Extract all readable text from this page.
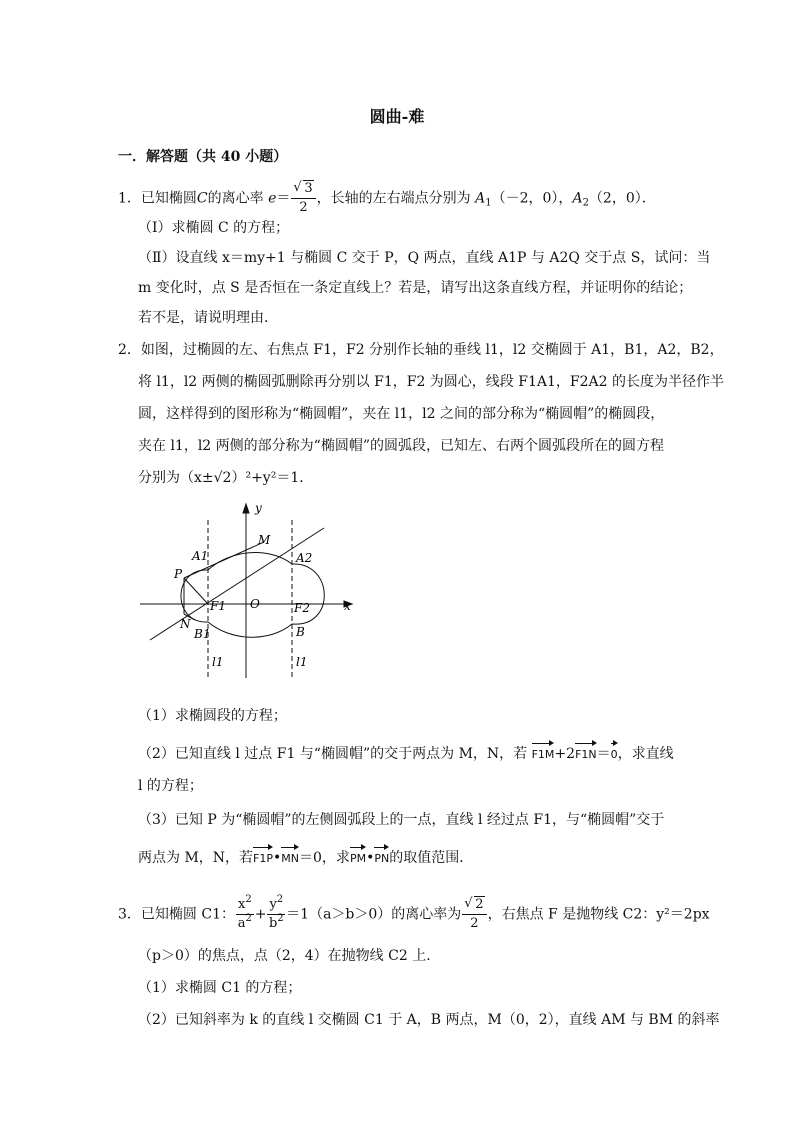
圆曲-难
一．解答题（共 40 小题）
1．已知椭圆C的离心率 e＝ √ $\frac{3}{2}$ ，长轴的左右端点分别为 $A_1(-2$，0），$A_2(2$，0）．
（Ⅰ）求椭圆 C 的方程；
（Ⅱ）设直线 x＝my+1 与椭圆 C 交于 P，Q 两点，直线 A1P 与 A2Q 交于点 S，试问：当
m 变化时，点 S 是否恒在一条定直线上？若是，请写出这条直线方程，并证明你的结论；
若不是，请说明理由．
2．如图，过椭圆的左、右焦点 F1，F2 分别作长轴的垂线 l1，l2 交椭圆于 A1，B1，A2，B2，
将 l1，l2 两侧的椭圆弧删除再分别以 F1，F2 为圆心，线段 F1A1，F2A2 的长度为半径作半
圆，这样得到的图形称为“椭圆帽”，夹在 l1，l2 之间的部分称为“椭圆帽”的椭圆段，
夹在 l1，l2 两侧的部分称为“椭圆帽”的圆弧段，已知左、右两个圆弧段所在的圆方程
分别为（x±√2）²+y²＝1．
y
x
O
M
A1	A2
P
F1	F2
N
B1	B
l1	l1
（1）求椭圆段的方程；
（2）已知直线 l 过点 F1 与“椭圆帽”的交于两点为 M，N，若 F1M+2F1N＝0，求直线
l 的方程；
（3）已知 P 为“椭圆帽”的左侧圆弧段上的一点，直线 l 经过点 F1，与“椭圆帽”交于
两点为 M，N，若F1P•MN＝0，求PM•PN的取值范围．
3．已知椭圆 C1： $\frac{x^2}{a^2} + \frac{y^2}{b^2} =1(a>b>0)$的离心率为 √ $\frac{2}{2}$ ，右焦点 F 是抛物线 C2：y²＝2px
（p＞0）的焦点，点（2，4）在抛物线 C2 上．
（1）求椭圆 C1 的方程；
（2）已知斜率为 k 的直线 l 交椭圆 C1 于 A，B 两点，M（0，2），直线 AM 与 BM 的斜率
